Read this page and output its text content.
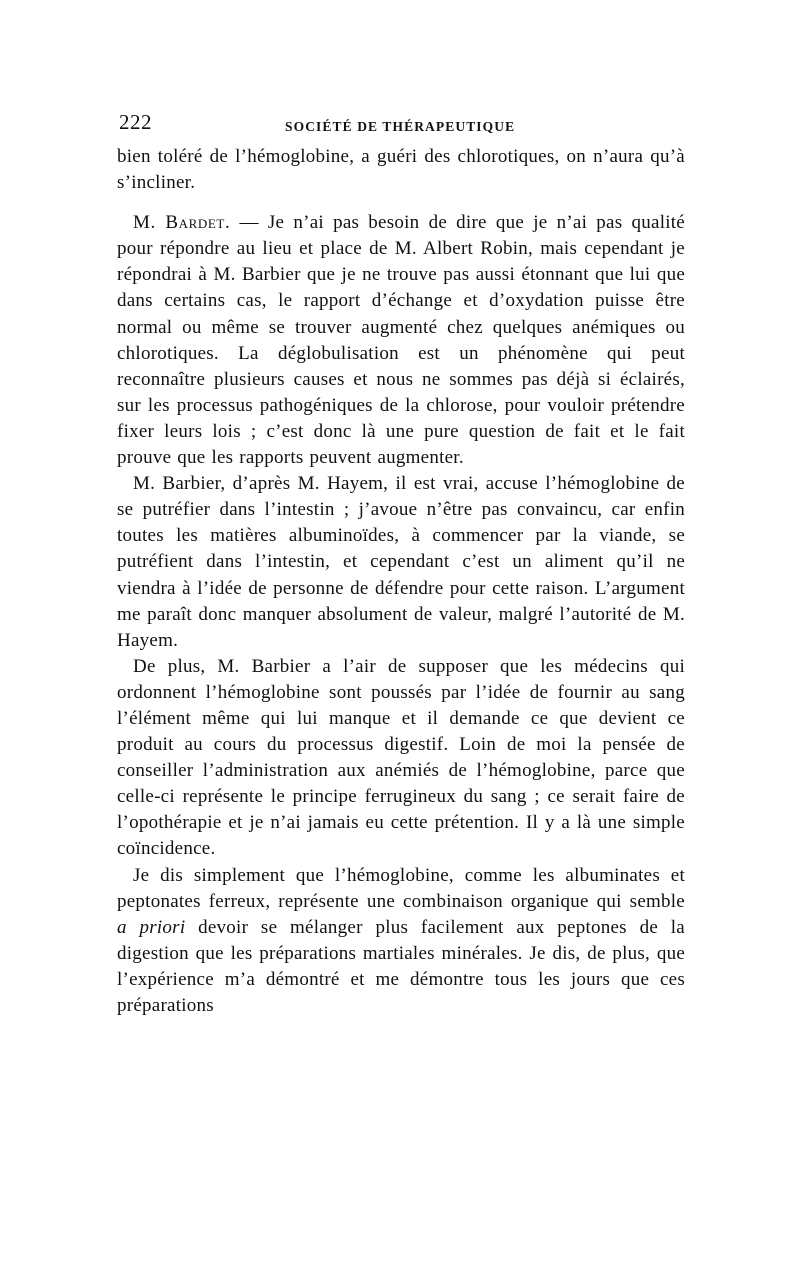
222	SOCIÉTÉ DE THÉRAPEUTIQUE

bien toléré de l’hémoglobine, a guéri des chlorotiques, on n’aura qu’à s’incliner.

M. Bardet. — Je n’ai pas besoin de dire que je n’ai pas qualité pour répondre au lieu et place de M. Albert Robin, mais cependant je répondrai à M. Barbier que je ne trouve pas aussi étonnant que lui que dans certains cas, le rapport d’échange et d’oxydation puisse être normal ou même se trouver augmenté chez quelques anémiques ou chlorotiques. La déglobulisation est un phénomène qui peut reconnaître plusieurs causes et nous ne sommes pas déjà si éclairés, sur les processus pathogéniques de la chlorose, pour vouloir prétendre fixer leurs lois ; c’est donc là une pure question de fait et le fait prouve que les rapports peuvent augmenter.

M. Barbier, d’après M. Hayem, il est vrai, accuse l’hémoglobine de se putréfier dans l’intestin ; j’avoue n’être pas convaincu, car enfin toutes les matières albuminoïdes, à commencer par la viande, se putréfient dans l’intestin, et cependant c’est un aliment qu’il ne viendra à l’idée de personne de défendre pour cette raison. L’argument me paraît donc manquer absolument de valeur, malgré l’autorité de M. Hayem.

De plus, M. Barbier a l’air de supposer que les médecins qui ordonnent l’hémoglobine sont poussés par l’idée de fournir au sang l’élément même qui lui manque et il demande ce que devient ce produit au cours du processus digestif. Loin de moi la pensée de conseiller l’administration aux anémiés de l’hémoglobine, parce que celle-ci représente le principe ferrugineux du sang ; ce serait faire de l’opothérapie et je n’ai jamais eu cette prétention. Il y a là une simple coïncidence.

Je dis simplement que l’hémoglobine, comme les albuminates et peptonates ferreux, représente une combinaison organique qui semble a priori devoir se mélanger plus facilement aux peptones de la digestion que les préparations martiales minérales. Je dis, de plus, que l’expérience m’a démontré et me démontre tous les jours que ces préparations
